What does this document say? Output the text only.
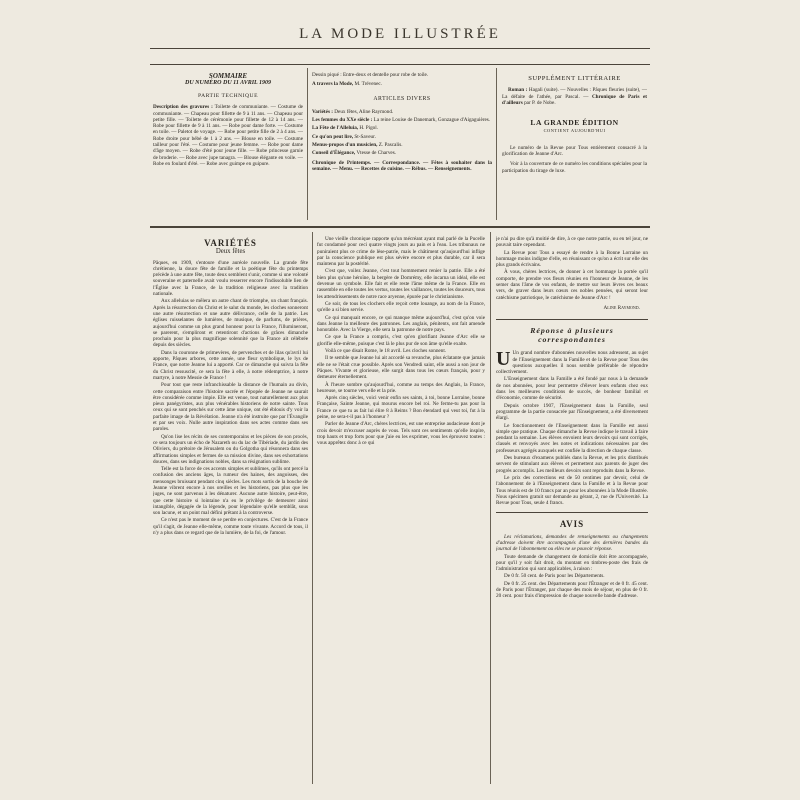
LA MODE ILLUSTRÉE
SOMMAIRE
DU NUMÉRO DU 11 AVRIL 1909
PARTIE TECHNIQUE
Description des gravures : Toilette de communiante. — Costume de communiante. — Chapeau pour fillette de 9 à 11 ans. — Chapeau pour petite fille. — Toilette de cérémonie pour fillette de 12 à 14 ans. — Robe pour fillette de 9 à 11 ans. — Robe pour dame forte. — Costume en toile. — Paletot de voyage. — Robe pour petite fille de 2 à 4 ans. — Robe droite pour bébé de 1 à 2 ans. — Blouse en toile. — Costume tailleur pour l'été. — Costume pour jeune femme. — Robe pour dame d'âge moyen. — Robe d'été pour jeune fille. — Robe princesse garnie de broderie. — Robe avec jupe tanagra. — Blouse élégante en voile. — Robe en foulard d'été. — Robe avec guimpe en guipure.
Dessin piqué : Entre-deux et dentelle pour robe de toile.
A travers la Mode, M. Trévenec.
ARTICLES DIVERS
Variétés : Deux fêtes, Aline Raymond.
Les femmes du XXe siècle : La reine Louise de Danemark, Gonzague d'Aigaguières.
La Fête de l'Alleluia, H. Pigol.
Ce qu'on peut lire, St-Saveur.
Menus-propos d'un musicien, Z. Pascalis.
Conseil d'Élégance, Vtesse de Charves.
Chronique de Printemps. — Correspondance. — Fêtes à souhaiter dans la semaine. — Menu. — Recettes de cuisine. — Rébus. — Renseignements.
SUPPLÉMENT LITTÉRAIRE
Roman : Hagali (suite). — Nouvelles : Pâques fleuries (suite), — La défaite de l'athée, par Pascal. — Chronique de Paris et d'ailleurs par P. de Nobe.
LA GRANDE ÉDITION
CONTIENT AUJOURD'HUI
Le numéro de la Revue pour Tous entièrement consacré à la glorification de Jeanne d'Arc.
Voir à la couverture de ce numéro les conditions spéciales pour la participation du tirage de luxe.
VARIÉTÉS
Deux fêtes
Pâques, en 1909, s'entoure d'une auréole nouvelle. La grande fête chrétienne, la douce fête de famille et la poétique fête du printemps précède à une autre fête, toute deux semblent s'unir, comme si une volonté souveraine et paternelle avait voulu resserrer encore l'indissoluble lien de l'Église avec la France, de la tradition religieuse avec la tradition nationale.
Aux alleluias se mêlera un autre chant de triomphe, un chant français. Après la résurrection du Christ et le salut du monde, les cloches sonneront une autre résurrection et une autre délivrance, celle de la patrie. Les églises ruisselantes de lumières, de musique, de parfums, de prières, aujourd'hui comme un plus grand honneur pour la France, l'illumineront, se parerent, s'empliront et retentiront d'actions de grâces dimanche prochain pour la plus magnifique solennité que la France ait célébrée depuis des siècles.
Dans la couronne de primevères, de pervenches et de lilas qu'avril lui apporte, Pâques arbores, cette année, une fleur symbolique, le lys de France, que notre Jeanne lui a apporté. Car ce dimanche qui suivra la fête du Christ ressuscité, ce sera la fête à elle, à notre rédemptrice, à notre martyre, à notre Messie de France !
Pour tout que reste infranchissable la distance de l'humain au divin, cette comparaison entre l'histoire sacrée et l'épopée de Jeanne ne saurait être considérée comme impie. Elle est venue, tout naturellement aux plus pieux panégyristes, aux plus vénérables historiens de notre sainte. Tous ceux qui se sont penchés sur cette âme unique, ont été éblouis d'y voir la parfaite image de la Révélation. Jeanne n'a été instruite que par l'Évangile et par ses voix. Nulle autre inspiration dans ses actes comme dans ses paroles.
Qu'on lise les récits de ses contemporains et les pièces de son procès, ce sera toujours un écho de Nazareth ou du lac de Tibériade, du jardin des Oliviers, du prétoire de Jérusalem ou du Golgotha qui résonnera dans ses affirmations simples et fermes de sa mission divine, dans ses exhortations douces, dans ses indignations nobles, dans sa résignation sublime.
Telle est la force de ces accents simples et sublimes, qu'ils ont percé la confusion des anciens âges, la rumeur des haines, des angoisses, des mensonges bruissant pendant cinq siècles. Les mots sortis de la bouche de Jeanne vibrent encore à nos oreilles et les historiens, pas plus que les juges, ne sont parvenus à les dénaturer. Aucune autre histoire, peut-être, que cette histoire si lointaine n'a eu le privilège de demeurer ainsi intangible, dégagée de la légende, pour légendaire qu'elle semblât, sous son lacune, et un point mal défini prêtant à la controverse.
Ce n'est pas le moment de se perdre en conjectures. C'est de la France qu'il s'agit, de Jeanne elle-même, comme toute vivante. Accord de tous, il n'y a plus dans ce regard que de la lumière, de la foi, de l'amour.
Une vieille chronique rapporte qu'un mécréant ayant mal parlé de la Pucelle fut condamné pour ceci quatre vingts jours au pain et à l'eau. Les tribunaux ne puniraient plus ce crime de lèse-patrie, mais le châtiment qu'aujourd'hui inflige par la conscience publique est plus sévère encore et plus durable, car il sera maintenu par la postérité.
C'est que, voilez Jeanne, c'est tout hommement renier la patrie. Elle a été bien plus qu'une héroïne, la bergère de Domrémy, elle incarna un idéal, elle est devenue un symbole. Elle fait et elle reste l'âme même de la France. Elle en rassemble en elle toutes les vertus, toutes les vaillances, toutes les douceurs, tous les attendrissements de notre race aryenne, épurée par le christianisme.
Ce soir, de tous les clochers elle reçoit cette louange, au nom de la France, qu'elle a si bien servie.
Ce qui manquait encore, ce qui manque même aujourd'hui, c'est qu'on voie dans Jeanne la meilleure des patronnes. Les anglais, pénitents, ont fait amende honorable. Avec la Vierge, elle sera la patronne de notre pays.
Ce que la France a compris, c'est qu'en glorifiant Jeanne d'Arc elle se glorifie elle-même, puisque c'est là le plus pur de son âme qu'elle exalte.
Voilà ce que disait Rome, le 18 avril. Les cloches sonnent.
Il te semble que Jeanne lui ait accordé sa revanche, plus éclatante que jamais elle ne se l'était crue possible. Après son Vendredi saint, elle aussi a son jour de Pâques. Vivante et glorieuse, elle surgit dans tous les cœurs français, pour y demeurer éternellement.
À l'heure sombre qu'aujourd'hui, comme au temps des Anglais, la France, heureuse, se tourne vers elle et la prie.
Après cinq siècles, voici venir enfin ses saints, à toi, bonne Lorraine, bonne Française, Sainte Jeanne, qui mourus encore bel roi. Ne ferme-tu pas pour la France ce que tu as fait lui élire 8 à Reims ? Bon étendard qui veut toi, fut à la peine, ne sera-t-il pas à l'honneur ?
Parler de Jeanne d'Arc, chères lectrices, est une entreprise audacieuse dont je crois devoir m'excuser auprès de vous. Tels sont ces sentiments qu'elle inspire, trop hauts et trop forts pour que j'aie eu les exprimer, vous les éprouvez toutes : vous apprêtez donc à ce qui
je n'ai pu dire qu'à moitié de dire, à ce que notre patrie, ou en tel jour, ne pouvait taire cependant.
La Revue pour Tous a essayé de rendre à la Bonne Lorraine un hommage moins indigne d'elle, en réunissant ce qu'on a écrit sur elle des plus grands écrivains.
À vous, chères lectrices, de donner à cet hommage la portée qu'il comporte, de prendre vos fleurs réunies en l'honneur de Jeanne, de les semer dans l'âme de vos enfants, de mettre sur leurs lèvres ces beaux vers, de graver dans leurs cœurs ces nobles pensées, qui seront leur catéchisme patriotique, le catéchisme de Jeanne d'Arc !
Aline Raymond.
Réponse à plusieurs correspondantes
U Un grand nombre d'abonnées nouvelles nous adressent, au sujet de l'Enseignement dans la Famille et de la Revue pour Tous des questions auxquelles il nous semble préférable de répondre collectivement.
L'Enseignement dans la Famille a été fondé par nous à la demande de nos abonnées, pour leur permettre d'élever leurs enfants chez eux dans les meilleures conditions de succès, de bonheur familial et d'économie, comme de sécurité.
Depuis octobre 1907, l'Enseignement dans la Famille, seul programme de la partie consacrée par l'Enseignement, a été diversement élargi.
Le fonctionnement de l'Enseignement dans la Famille est aussi simple que pratique. Chaque dimanche la Revue indique le travail à faire pendant la semaine. Les élèves envoient leurs devoirs qui sont corrigés, classés et renvoyés avec les notes et indications nécessaires par des professeurs agrégés auxquels est confiée la direction de chaque classe.
Des bureaux d'examens publiés dans la Revue, et les prix distribués servent de stimulant aux élèves et permettent aux parents de juger des progrès accomplis. Les meilleurs devoirs sont reproduits dans la Revue.
Le prix des corrections est de 50 centimes par devoir, celui de l'abonnement de à l'Enseignement dans la Famille et à la Revue pour Tous réunis est de 10 francs par an pour les abonnées à la Mode Illustrée. Nous spécimen gratuit sur demande au gérant, 2, rue de l'Université. La Revue pour Tous, seule 4 francs.
AVIS
Les réclamations, demandes de renseignements ou changements d'adresse doivent être accompagnés d'une des dernières bandes du journal de l'abonnement ou elles ne se pouvoir réponse.
Toute demande de changement de domicile doit être accompagnée, pour qu'il y soit fait droit, du montant en timbres-poste des frais de l'administration qui sont applicables, à raison :
De 0 fr. 50 cent. de Paris pour les Départements.
De 0 fr. 25 cent. des Départements pour l'Étranger et de 0 fr. 45 cent. de Paris pour l'Étranger, par chaque des mois de séjour, en plus de 0 fr. 20 cent. pour frais d'impression de chaque nouvelle bande d'adresse.
